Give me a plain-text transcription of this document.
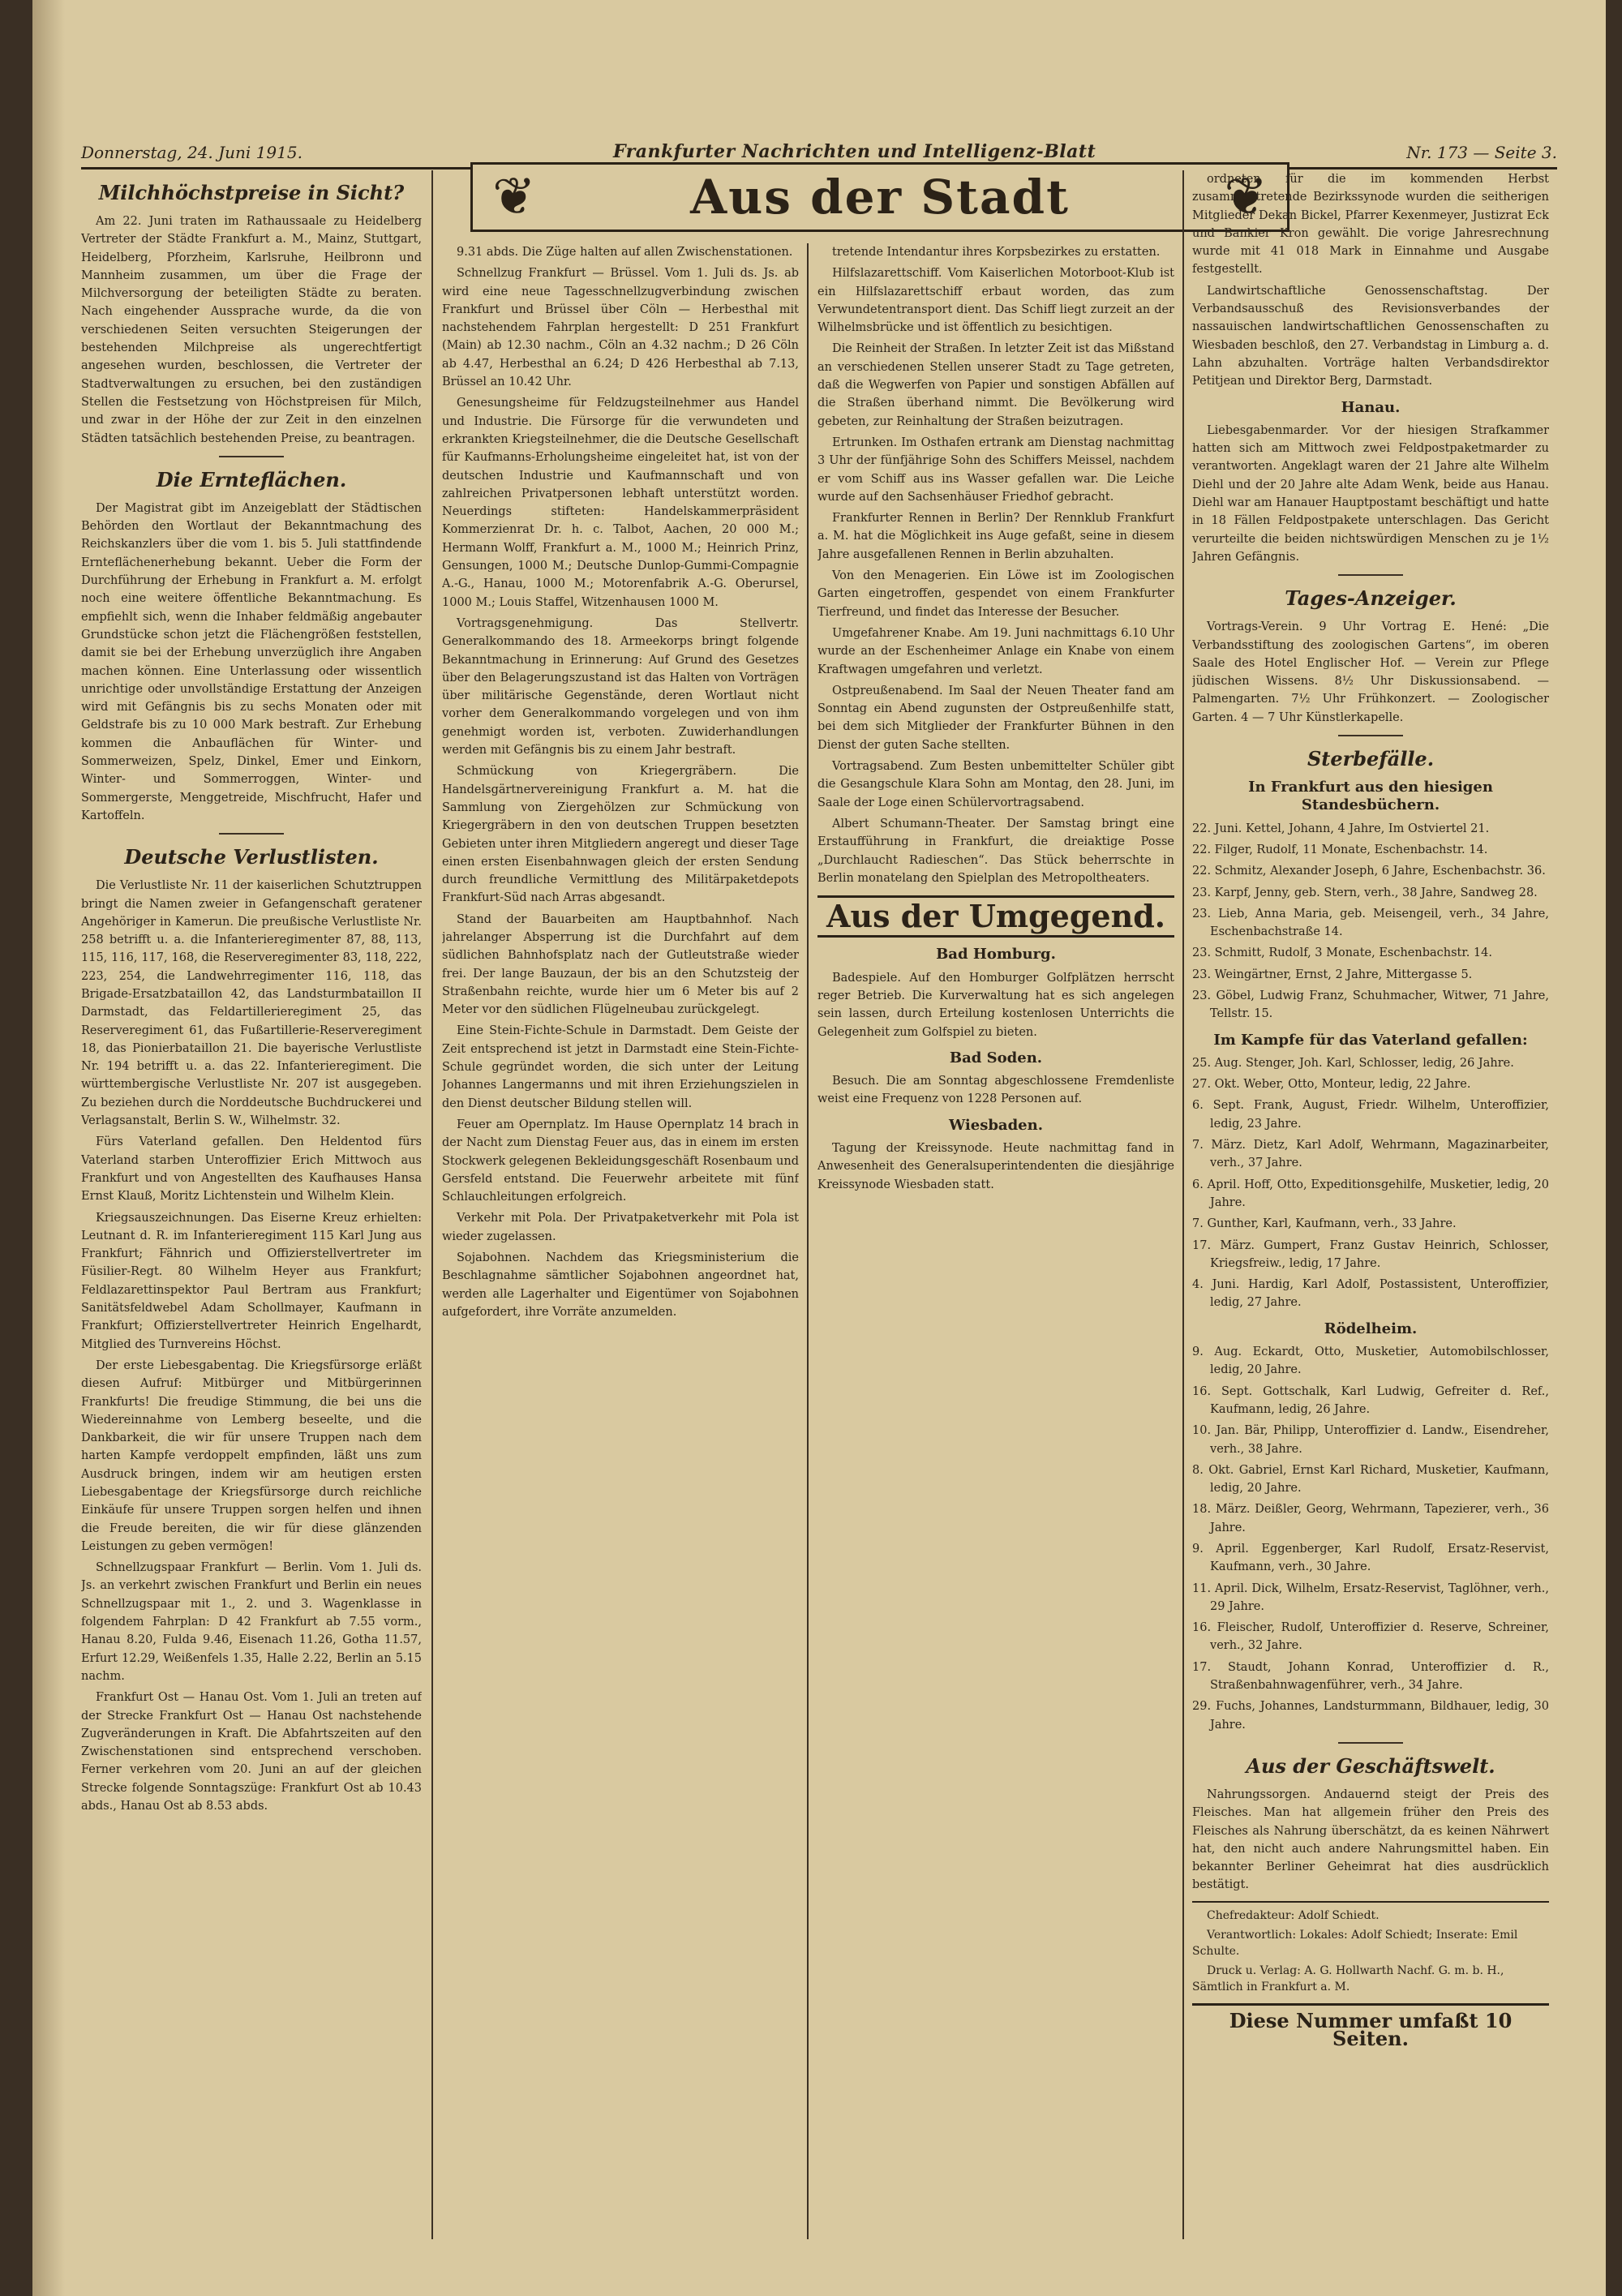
Donnerstag, 24. Juni 1915.	Frankfurter Nachrichten und Intelligenz-Blatt	Nr. 173 — Seite 3.
❦	Aus der Stadt	❦
Milchhöchstpreise in Sicht?

Am 22. Juni traten im Rathaussaale zu Heidelberg Vertreter der Städte Frankfurt a. M., Mainz, Stuttgart, Heidelberg, Pforzheim, Karlsruhe, Heilbronn und Mannheim zusammen, um über die Frage der Milchversorgung der beteiligten Städte zu beraten. Nach eingehender Aussprache wurde, da die von verschiedenen Seiten versuchten Steigerungen der bestehenden Milchpreise als ungerechtfertigt angesehen wurden, beschlossen, die Vertreter der Stadtverwaltungen zu ersuchen, bei den zuständigen Stellen die Festsetzung von Höchstpreisen für Milch, und zwar in der Höhe der zur Zeit in den einzelnen Städten tatsächlich bestehenden Preise, zu beantragen.

Die Ernteflächen.

Der Magistrat gibt im Anzeigeblatt der Städtischen Behörden den Wortlaut der Bekanntmachung des Reichskanzlers über die vom 1. bis 5. Juli stattfindende Ernteflächenerhebung bekannt. Ueber die Form der Durchführung der Erhebung in Frankfurt a. M. erfolgt noch eine weitere öffentliche Bekanntmachung. Es empfiehlt sich, wenn die Inhaber feldmäßig angebauter Grundstücke schon jetzt die Flächengrößen feststellen, damit sie bei der Erhebung unverzüglich ihre Angaben machen können. Eine Unterlassung oder wissentlich unrichtige oder unvollständige Erstattung der Anzeigen wird mit Gefängnis bis zu sechs Monaten oder mit Geldstrafe bis zu 10 000 Mark bestraft. Zur Erhebung kommen die Anbauflächen für Winter- und Sommerweizen, Spelz, Dinkel, Emer und Einkorn, Winter- und Sommerroggen, Winter- und Sommergerste, Menggetreide, Mischfrucht, Hafer und Kartoffeln.

Deutsche Verlustlisten.

Die Verlustliste Nr. 11 der kaiserlichen Schutztruppen bringt die Namen zweier in Gefangenschaft geratener Angehöriger in Kamerun. Die preußische Verlustliste Nr. 258 betrifft u. a. die Infanterieregimenter 87, 88, 113, 115, 116, 117, 168, die Reserveregimenter 83, 118, 222, 223, 254, die Landwehrregimenter 116, 118, das Brigade-Ersatzbataillon 42, das Landsturmbataillon II Darmstadt, das Feldartillerieregiment 25, das Reserveregiment 61, das Fußartillerie-Reserveregiment 18, das Pionierbataillon 21. Die bayerische Verlustliste Nr. 194 betrifft u. a. das 22. Infanterieregiment. Die württembergische Verlustliste Nr. 207 ist ausgegeben. Zu beziehen durch die Norddeutsche Buchdruckerei und Verlagsanstalt, Berlin S. W., Wilhelmstr. 32.

Fürs Vaterland gefallen. Den Heldentod fürs Vaterland starben Unteroffizier Erich Mittwoch aus Frankfurt und von Angestellten des Kaufhauses Hansa Ernst Klauß, Moritz Lichtenstein und Wilhelm Klein.

Kriegsauszeichnungen. Das Eiserne Kreuz erhielten: Leutnant d. R. im Infanterieregiment 115 Karl Jung aus Frankfurt; Fähnrich und Offizierstellvertreter im Füsilier-Regt. 80 Wilhelm Heyer aus Frankfurt; Feldlazarettinspektor Paul Bertram aus Frankfurt; Sanitätsfeldwebel Adam Schollmayer, Kaufmann in Frankfurt; Offizierstellvertreter Heinrich Engelhardt, Mitglied des Turnvereins Höchst.

Der erste Liebesgabentag. Die Kriegsfürsorge erläßt diesen Aufruf: Mitbürger und Mitbürgerinnen Frankfurts! Die freudige Stimmung, die bei uns die Wiedereinnahme von Lemberg beseelte, und die Dankbarkeit, die wir für unsere Truppen nach dem harten Kampfe verdoppelt empfinden, läßt uns zum Ausdruck bringen, indem wir am heutigen ersten Liebesgabentage der Kriegsfürsorge durch reichliche Einkäufe für unsere Truppen sorgen helfen und ihnen die Freude bereiten, die wir für diese glänzenden Leistungen zu geben vermögen!

Schnellzugspaar Frankfurt — Berlin. Vom 1. Juli ds. Js. an verkehrt zwischen Frankfurt und Berlin ein neues Schnellzugspaar mit 1., 2. und 3. Wagenklasse in folgendem Fahrplan: D 42 Frankfurt ab 7.55 vorm., Hanau 8.20, Fulda 9.46, Eisenach 11.26, Gotha 11.57, Erfurt 12.29, Weißenfels 1.35, Halle 2.22, Berlin an 5.15 nachm.

Frankfurt Ost — Hanau Ost. Vom 1. Juli an treten auf der Strecke Frankfurt Ost — Hanau Ost nachstehende Zugveränderungen in Kraft. Die Abfahrtszeiten auf den Zwischenstationen sind entsprechend verschoben. Ferner verkehren vom 20. Juni an auf der gleichen Strecke folgende Sonntagszüge: Frankfurt Ost ab 10.43 abds., Hanau Ost ab 8.53 abds.

9.31 abds. Die Züge halten auf allen Zwischenstationen.

Schnellzug Frankfurt — Brüssel. Vom 1. Juli ds. Js. ab wird eine neue Tagesschnellzugverbindung zwischen Frankfurt und Brüssel über Cöln — Herbesthal mit nachstehendem Fahrplan hergestellt: D 251 Frankfurt (Main) ab 12.30 nachm., Cöln an 4.32 nachm.; D 26 Cöln ab 4.47, Herbesthal an 6.24; D 426 Herbesthal ab 7.13, Brüssel an 10.42 Uhr.

Genesungsheime für Feldzugsteilnehmer aus Handel und Industrie. Die Fürsorge für die verwundeten und erkrankten Kriegsteilnehmer, die die Deutsche Gesellschaft für Kaufmanns-Erholungsheime eingeleitet hat, ist von der deutschen Industrie und Kaufmannschaft und von zahlreichen Privatpersonen lebhaft unterstützt worden. Neuerdings stifteten: Handelskammerpräsident Kommerzienrat Dr. h. c. Talbot, Aachen, 20 000 M.; Hermann Wolff, Frankfurt a. M., 1000 M.; Heinrich Prinz, Gensungen, 1000 M.; Deutsche Dunlop-Gummi-Compagnie A.-G., Hanau, 1000 M.; Motorenfabrik A.-G. Oberursel, 1000 M.; Louis Staffel, Witzenhausen 1000 M.

Vortragsgenehmigung. Das Stellvertr. Generalkommando des 18. Armeekorps bringt folgende Bekanntmachung in Erinnerung: Auf Grund des Gesetzes über den Belagerungszustand ist das Halten von Vorträgen über militärische Gegenstände, deren Wortlaut nicht vorher dem Generalkommando vorgelegen und von ihm genehmigt worden ist, verboten. Zuwiderhandlungen werden mit Gefängnis bis zu einem Jahr bestraft.

Schmückung von Kriegergräbern. Die Handelsgärtnervereinigung Frankfurt a. M. hat die Sammlung von Ziergehölzen zur Schmückung von Kriegergräbern in den von deutschen Truppen besetzten Gebieten unter ihren Mitgliedern angeregt und dieser Tage einen ersten Eisenbahnwagen gleich der ersten Sendung durch freundliche Vermittlung des Militärpaketdepots Frankfurt-Süd nach Arras abgesandt.

Stand der Bauarbeiten am Hauptbahnhof. Nach jahrelanger Absperrung ist die Durchfahrt auf dem südlichen Bahnhofsplatz nach der Gutleutstraße wieder frei. Der lange Bauzaun, der bis an den Schutzsteig der Straßenbahn reichte, wurde hier um 6 Meter bis auf 2 Meter vor den südlichen Flügelneubau zurückgelegt.

Eine Stein-Fichte-Schule in Darmstadt. Dem Geiste der Zeit entsprechend ist jetzt in Darmstadt eine Stein-Fichte-Schule gegründet worden, die sich unter der Leitung Johannes Langermanns und mit ihren Erziehungszielen in den Dienst deutscher Bildung stellen will.

Feuer am Opernplatz. Im Hause Opernplatz 14 brach in der Nacht zum Dienstag Feuer aus, das in einem im ersten Stockwerk gelegenen Bekleidungsgeschäft Rosenbaum und Gersfeld entstand. Die Feuerwehr arbeitete mit fünf Schlauchleitungen erfolgreich.

Verkehr mit Pola. Der Privatpaketverkehr mit Pola ist wieder zugelassen.

Sojabohnen. Nachdem das Kriegsministerium die Beschlagnahme sämtlicher Sojabohnen angeordnet hat, werden alle Lagerhalter und Eigentümer von Sojabohnen aufgefordert, ihre Vorräte anzumelden.

tretende Intendantur ihres Korpsbezirkes zu erstatten.

Hilfslazarettschiff. Vom Kaiserlichen Motorboot-Klub ist ein Hilfslazarettschiff erbaut worden, das zum Verwundetentransport dient. Das Schiff liegt zurzeit an der Wilhelmsbrücke und ist öffentlich zu besichtigen.

Die Reinheit der Straßen. In letzter Zeit ist das Mißstand an verschiedenen Stellen unserer Stadt zu Tage getreten, daß die Wegwerfen von Papier und sonstigen Abfällen auf die Straßen überhand nimmt. Die Bevölkerung wird gebeten, zur Reinhaltung der Straßen beizutragen.

Ertrunken. Im Osthafen ertrank am Dienstag nachmittag 3 Uhr der fünfjährige Sohn des Schiffers Meissel, nachdem er vom Schiff aus ins Wasser gefallen war. Die Leiche wurde auf den Sachsenhäuser Friedhof gebracht.

Frankfurter Rennen in Berlin? Der Rennklub Frankfurt a. M. hat die Möglichkeit ins Auge gefaßt, seine in diesem Jahre ausgefallenen Rennen in Berlin abzuhalten.

Von den Menagerien. Ein Löwe ist im Zoologischen Garten eingetroffen, gespendet von einem Frankfurter Tierfreund, und findet das Interesse der Besucher.

Umgefahrener Knabe. Am 19. Juni nachmittags 6.10 Uhr wurde an der Eschenheimer Anlage ein Knabe von einem Kraftwagen umgefahren und verletzt.

Ostpreußenabend. Im Saal der Neuen Theater fand am Sonntag ein Abend zugunsten der Ostpreußenhilfe statt, bei dem sich Mitglieder der Frankfurter Bühnen in den Dienst der guten Sache stellten.

Vortragsabend. Zum Besten unbemittelter Schüler gibt die Gesangschule Klara Sohn am Montag, den 28. Juni, im Saale der Loge einen Schülervortragsabend.

Albert Schumann-Theater. Der Samstag bringt eine Erstaufführung in Frankfurt, die dreiaktige Posse „Durchlaucht Radieschen“. Das Stück beherrschte in Berlin monatelang den Spielplan des Metropoltheaters.

Aus der Umgegend.
Bad Homburg.

Badespiele. Auf den Homburger Golfplätzen herrscht reger Betrieb. Die Kurverwaltung hat es sich angelegen sein lassen, durch Erteilung kostenlosen Unterrichts die Gelegenheit zum Golfspiel zu bieten.

Bad Soden.

Besuch. Die am Sonntag abgeschlossene Fremdenliste weist eine Frequenz von 1228 Personen auf.

Wiesbaden.

Tagung der Kreissynode. Heute nachmittag fand in Anwesenheit des Generalsuperintendenten die diesjährige Kreissynode Wiesbaden statt.

ordneten für die im kommenden Herbst zusammentretende Bezirkssynode wurden die seitherigen Mitglieder Dekan Bickel, Pfarrer Kexenmeyer, Justizrat Eck und Bankier Kron gewählt. Die vorige Jahresrechnung wurde mit 41 018 Mark in Einnahme und Ausgabe festgestellt.

Landwirtschaftliche Genossenschaftstag. Der Verbandsausschuß des Revisionsverbandes der nassauischen landwirtschaftlichen Genossenschaften zu Wiesbaden beschloß, den 27. Verbandstag in Limburg a. d. Lahn abzuhalten. Vorträge halten Verbandsdirektor Petitjean und Direktor Berg, Darmstadt.

Hanau.

Liebesgabenmarder. Vor der hiesigen Strafkammer hatten sich am Mittwoch zwei Feldpostpaketmarder zu verantworten. Angeklagt waren der 21 Jahre alte Wilhelm Diehl und der 20 Jahre alte Adam Wenk, beide aus Hanau. Diehl war am Hanauer Hauptpostamt beschäftigt und hatte in 18 Fällen Feldpostpakete unterschlagen. Das Gericht verurteilte die beiden nichtswürdigen Menschen zu je 1½ Jahren Gefängnis.

Tages-Anzeiger.

Vortrags-Verein. 9 Uhr Vortrag E. Hené: „Die Verbandsstiftung des zoologischen Gartens“, im oberen Saale des Hotel Englischer Hof. — Verein zur Pflege jüdischen Wissens. 8½ Uhr Diskussionsabend. — Palmengarten. 7½ Uhr Frühkonzert. — Zoologischer Garten. 4 — 7 Uhr Künstlerkapelle.

Sterbefälle.
In Frankfurt aus den hiesigen Standesbüchern.

22. Juni. Kettel, Johann, 4 Jahre, Im Ostviertel 21.

22. Filger, Rudolf, 11 Monate, Eschenbachstr. 14.

22. Schmitz, Alexander Joseph, 6 Jahre, Eschenbachstr. 36.

23. Karpf, Jenny, geb. Stern, verh., 38 Jahre, Sandweg 28.

23. Lieb, Anna Maria, geb. Meisengeil, verh., 34 Jahre, Eschenbachstraße 14.

23. Schmitt, Rudolf, 3 Monate, Eschenbachstr. 14.

23. Weingärtner, Ernst, 2 Jahre, Mittergasse 5.

23. Göbel, Ludwig Franz, Schuhmacher, Witwer, 71 Jahre, Tellstr. 15.

Im Kampfe für das Vaterland gefallen:

25. Aug. Stenger, Joh. Karl, Schlosser, ledig, 26 Jahre.

27. Okt. Weber, Otto, Monteur, ledig, 22 Jahre.

6. Sept. Frank, August, Friedr. Wilhelm, Unteroffizier, ledig, 23 Jahre.

7. März. Dietz, Karl Adolf, Wehrmann, Magazinarbeiter, verh., 37 Jahre.

6. April. Hoff, Otto, Expeditionsgehilfe, Musketier, ledig, 20 Jahre.

7. Gunther, Karl, Kaufmann, verh., 33 Jahre.

17. März. Gumpert, Franz Gustav Heinrich, Schlosser, Kriegsfreiw., ledig, 17 Jahre.

4. Juni. Hardig, Karl Adolf, Postassistent, Unteroffizier, ledig, 27 Jahre.

Rödelheim.

9. Aug. Eckardt, Otto, Musketier, Automobilschlosser, ledig, 20 Jahre.

16. Sept. Gottschalk, Karl Ludwig, Gefreiter d. Ref., Kaufmann, ledig, 26 Jahre.

10. Jan. Bär, Philipp, Unteroffizier d. Landw., Eisendreher, verh., 38 Jahre.

8. Okt. Gabriel, Ernst Karl Richard, Musketier, Kaufmann, ledig, 20 Jahre.

18. März. Deißler, Georg, Wehrmann, Tapezierer, verh., 36 Jahre.

9. April. Eggenberger, Karl Rudolf, Ersatz-Reservist, Kaufmann, verh., 30 Jahre.

11. April. Dick, Wilhelm, Ersatz-Reservist, Taglöhner, verh., 29 Jahre.

16. Fleischer, Rudolf, Unteroffizier d. Reserve, Schreiner, verh., 32 Jahre.

17. Staudt, Johann Konrad, Unteroffizier d. R., Straßenbahnwagenführer, verh., 34 Jahre.

29. Fuchs, Johannes, Landsturmmann, Bildhauer, ledig, 30 Jahre.

Aus der Geschäftswelt.

Nahrungssorgen. Andauernd steigt der Preis des Fleisches. Man hat allgemein früher den Preis des Fleisches als Nahrung überschätzt, da es keinen Nährwert hat, den nicht auch andere Nahrungsmittel haben. Ein bekannter Berliner Geheimrat hat dies ausdrücklich bestätigt.

Chefredakteur: Adolf Schiedt.

Verantwortlich: Lokales: Adolf Schiedt; Inserate: Emil Schulte.

Druck u. Verlag: A. G. Hollwarth Nachf. G. m. b. H., Sämtlich in Frankfurt a. M.

Diese Nummer umfaßt 10 Seiten.
